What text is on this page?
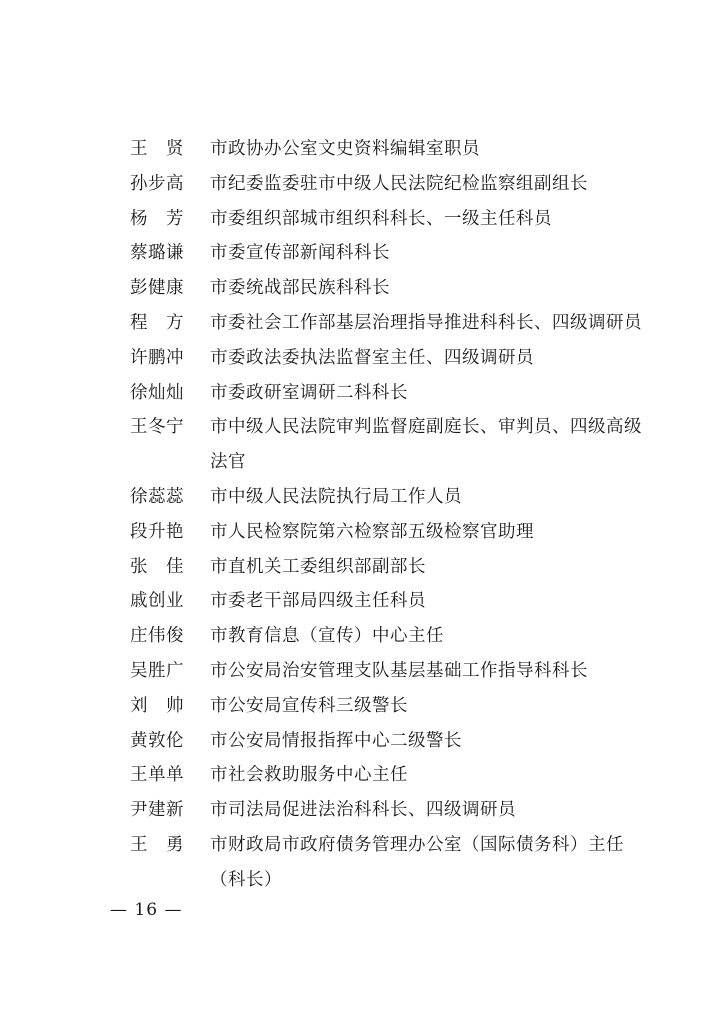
王　贤	市政协办公室文史资料编辑室职员
孙步高	市纪委监委驻市中级人民法院纪检监察组副组长
杨　芳	市委组织部城市组织科科长、一级主任科员
蔡璐谦	市委宣传部新闻科科长
彭健康	市委统战部民族科科长
程　方	市委社会工作部基层治理指导推进科科长、四级调研员
许鹏冲	市委政法委执法监督室主任、四级调研员
徐灿灿	市委政研室调研二科科长
王冬宁	市中级人民法院审判监督庭副庭长、审判员、四级高级法官
徐蕊蕊	市中级人民法院执行局工作人员
段升艳	市人民检察院第六检察部五级检察官助理
张　佳	市直机关工委组织部副部长
戚创业	市委老干部局四级主任科员
庄伟俊	市教育信息（宣传）中心主任
吴胜广	市公安局治安管理支队基层基础工作指导科科长
刘　帅	市公安局宣传科三级警长
黄敦伦	市公安局情报指挥中心二级警长
王单单	市社会救助服务中心主任
尹建新	市司法局促进法治科科长、四级调研员
王　勇	市财政局市政府债务管理办公室（国际债务科）主任（科长）
— 16 —
